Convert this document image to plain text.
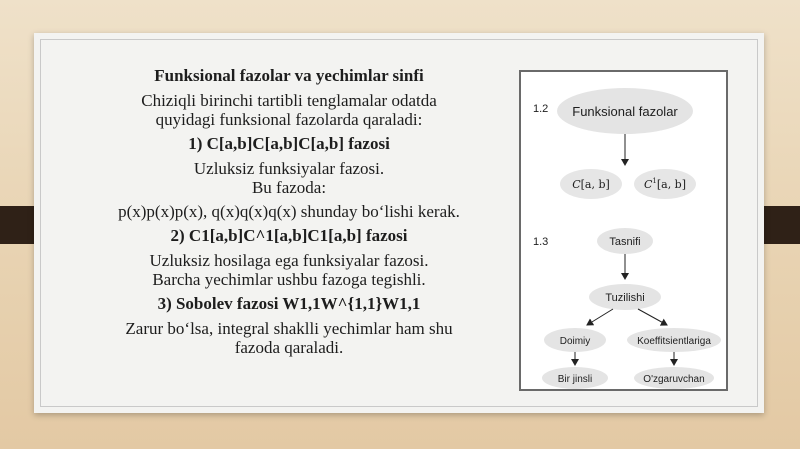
Funksional fazolar va yechimlar sinfi

Chiziqli birinchi tartibli tenglamalar odatda

quyidagi funksional fazolarda qaraladi:

1) C[a,b]C[a,b]C[a,b] fazosi

Uzluksiz funksiyalar fazosi.

Bu fazoda:

p(x)p(x)p(x), q(x)q(x)q(x) shunday bo‘lishi kerak.

2) C1[a,b]C^1[a,b]C1[a,b] fazosi

Uzluksiz hosilaga ega funksiyalar fazosi.

Barcha yechimlar ushbu fazoga tegishli.

3) Sobolev fazosi W1,1W^{1,1}W1,1

Zarur bo‘lsa, integral shaklli yechimlar ham shu

fazoda qaraladi.

1.2 Funksional fazolar
C[a, b]	$C^1[a$, b]
1.3	Tasnifi
Tuzilishi
Doimiy	Koeffitsientlariga
Bir jinsli	O'zgaruvchan
